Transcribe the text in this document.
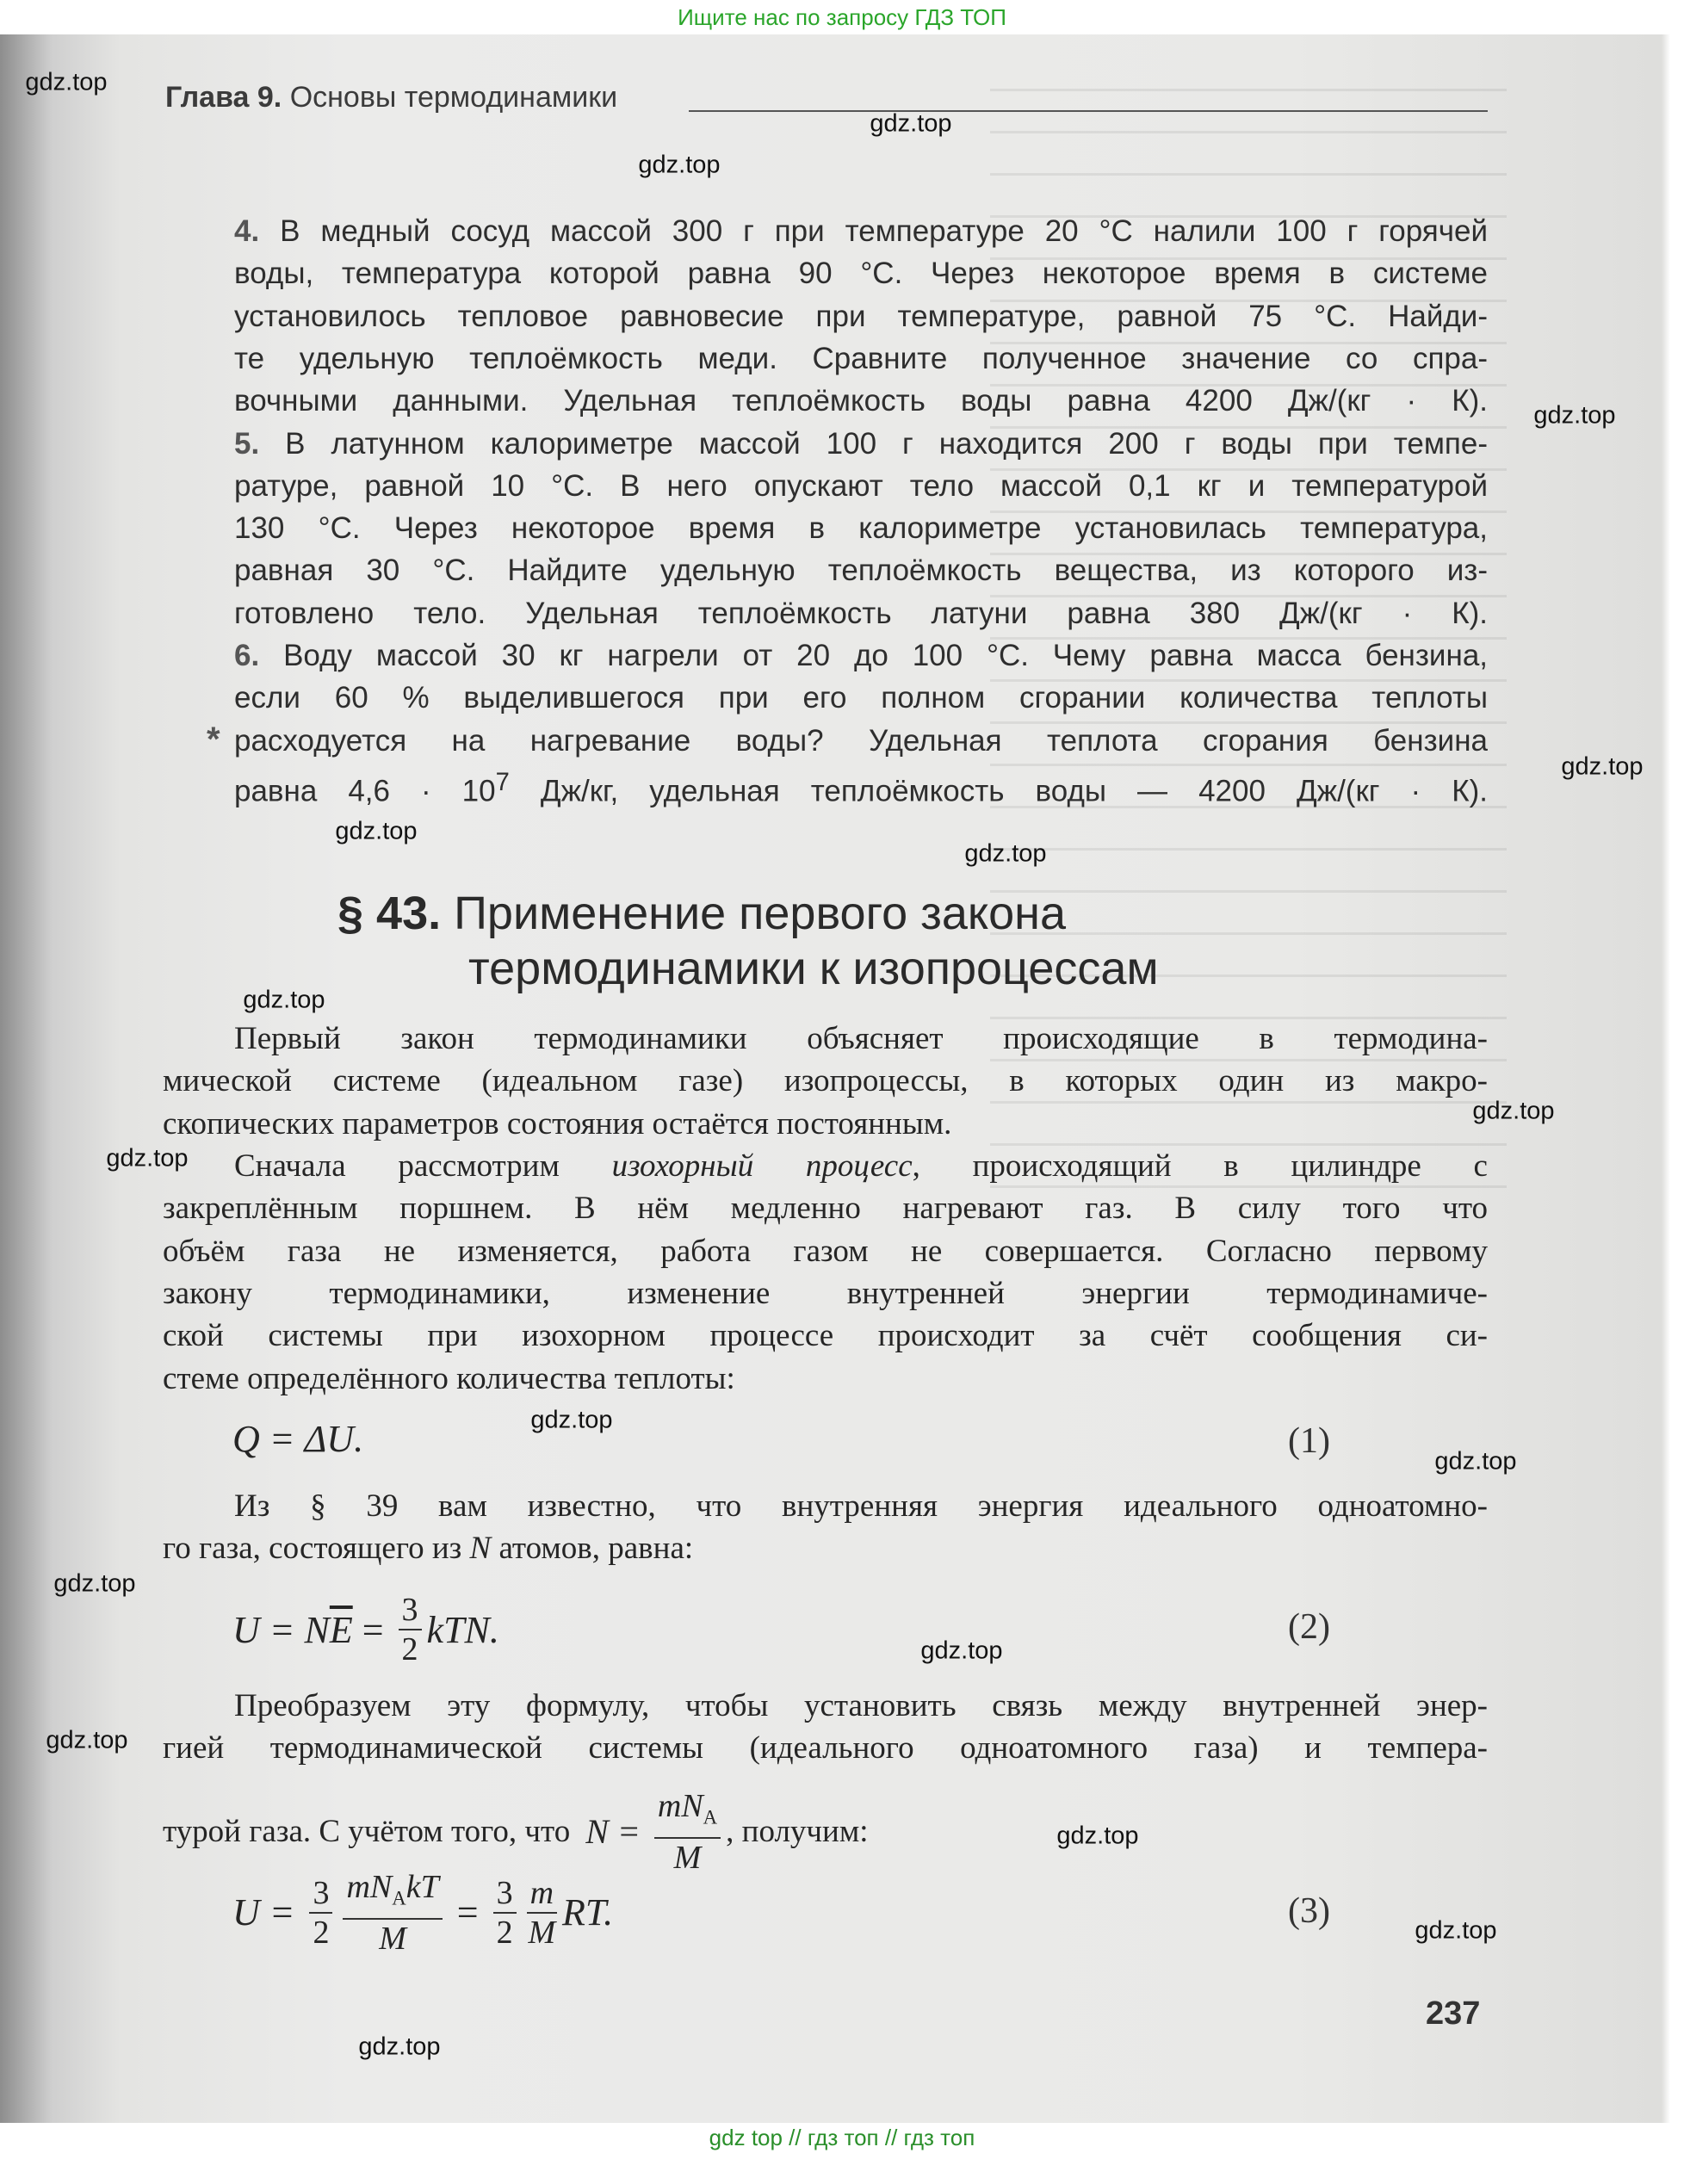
Ищите нас по запросу ГДЗ ТОП
Глава 9. Основы термодинамики
4. В медный сосуд массой 300 г при температуре 20 °С налили 100 г горячей
воды, температура которой равна 90 °С. Через некоторое время в системе
установилось тепловое равновесие при температуре, равной 75 °С. Найди-
те удельную теплоёмкость меди. Сравните полученное значение со спра-
вочными данными. Удельная теплоёмкость воды равна 4200 Дж/(кг · К).
5. В латунном калориметре массой 100 г находится 200 г воды при темпе-
ратуре, равной 10 °С. В него опускают тело массой 0,1 кг и температурой
130 °С. Через некоторое время в калориметре установилась температура,
равная 30 °С. Найдите удельную теплоёмкость вещества, из которого из-
готовлено тело. Удельная теплоёмкость латуни равна 380 Дж/(кг · К).
6. Воду массой 30 кг нагрели от 20 до 100 °С. Чему равна масса бензина,
если 60 % выделившегося при его полном сгорании количества теплоты
расходуется на нагревание воды? Удельная теплота сгорания бензина
равна $4,6 \cdot 10^7$ Дж/кг, удельная теплоёмкость воды — 4200 Дж/(кг · К).
*
§ 43. Применение первого закона
термодинамики к изопроцессам
Первый закон термодинамики объясняет происходящие в термодина-
мической системе (идеальном газе) изопроцессы, в которых один из макро-
скопических параметров состояния остаётся постоянным.
Сначала рассмотрим изохорный процесс, происходящий в цилиндре с
закреплённым поршнем. В нём медленно нагревают газ. В силу того что
объём газа не изменяется, работа газом не совершается. Согласно первому
закону термодинамики, изменение внутренней энергии термодинамиче-
ской системы при изохорном процессе происходит за счёт сообщения си-
стеме определённого количества теплоты:
Из § 39 вам известно, что внутренняя энергия идеального одноатомно-
го газа, состоящего из N атомов, равна:
Преобразуем эту формулу, чтобы установить связь между внутренней энер-
гией термодинамической системы (идеального одноатомного газа) и темпера-
Q = ΔU.	(1)
U = N $\overline{E} = \frac{3}{2}$ kTN.	(2)
турой газа. С учётом того, что $N = \frac{mN_A}{M}$ , получим:
$U = \frac{3}{2} \frac{mN_AkT}{M} = \frac{3}{2} \frac{m}{M}$ RT.	(3)
237
gdz.top
gdz.top
gdz.top
gdz.top
gdz.top
gdz.top
gdz.top
gdz.top
gdz.top
gdz.top
gdz.top
gdz.top
gdz.top
gdz.top
gdz.top
gdz.top
gdz.top
gdz.top
gdz top // гдз топ // гдз топ
